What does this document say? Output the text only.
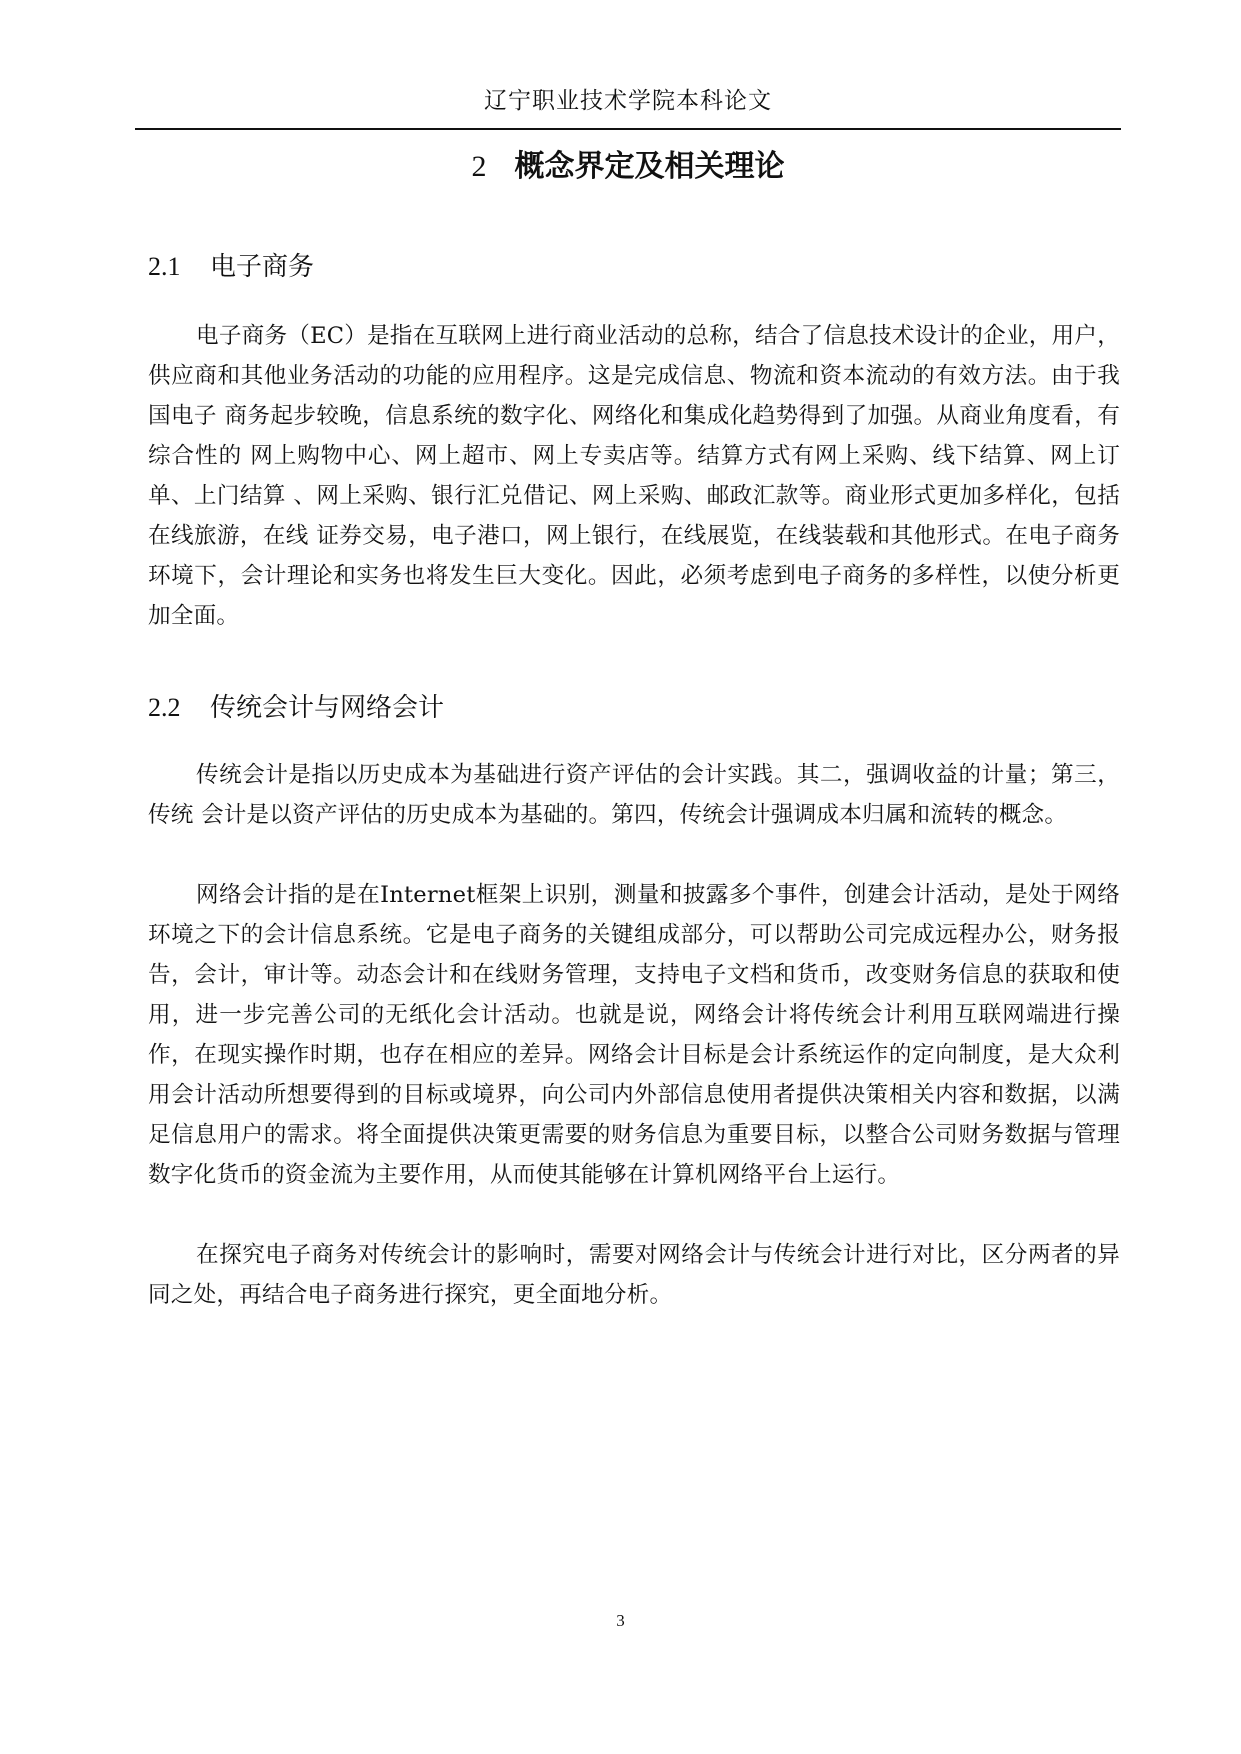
辽宁职业技术学院本科论文
2 概念界定及相关理论
2.1 电子商务

电子商务（EC）是指在互联网上进行商业活动的总称，结合了信息技术设计的企业，用户，供应商和其他业务活动的功能的应用程序。这是完成信息、物流和资本流动的有效方法。由于我国电子 商务起步较晚，信息系统的数字化、网络化和集成化趋势得到了加强。从商业角度看，有综合性的 网上购物中心、网上超市、网上专卖店等。结算方式有网上采购、线下结算、网上订单、上门结算 、网上采购、银行汇兑借记、网上采购、邮政汇款等。商业形式更加多样化，包括在线旅游，在线 证券交易，电子港口，网上银行，在线展览，在线装载和其他形式。在电子商务环境下，会计理论和实务也将发生巨大变化。因此，必须考虑到电子商务的多样性，以使分析更加全面。

2.2 传统会计与网络会计

传统会计是指以历史成本为基础进行资产评估的会计实践。其二，强调收益的计量；第三，传统 会计是以资产评估的历史成本为基础的。第四，传统会计强调成本归属和流转的概念。

网络会计指的是在Internet框架上识别，测量和披露多个事件，创建会计活动，是处于网络环境之下的会计信息系统。它是电子商务的关键组成部分，可以帮助公司完成远程办公，财务报告，会计，审计等。动态会计和在线财务管理，支持电子文档和货币，改变财务信息的获取和使用，进一步完善公司的无纸化会计活动。也就是说，网络会计将传统会计利用互联网端进行操作，在现实操作时期，也存在相应的差异。网络会计目标是会计系统运作的定向制度，是大众利用会计活动所想要得到的目标或境界，向公司内外部信息使用者提供决策相关内容和数据，以满足信息用户的需求。将全面提供决策更需要的财务信息为重要目标，以整合公司财务数据与管理数字化货币的资金流为主要作用，从而使其能够在计算机网络平台上运行。

在探究电子商务对传统会计的影响时，需要对网络会计与传统会计进行对比，区分两者的异同之处，再结合电子商务进行探究，更全面地分析。

3
